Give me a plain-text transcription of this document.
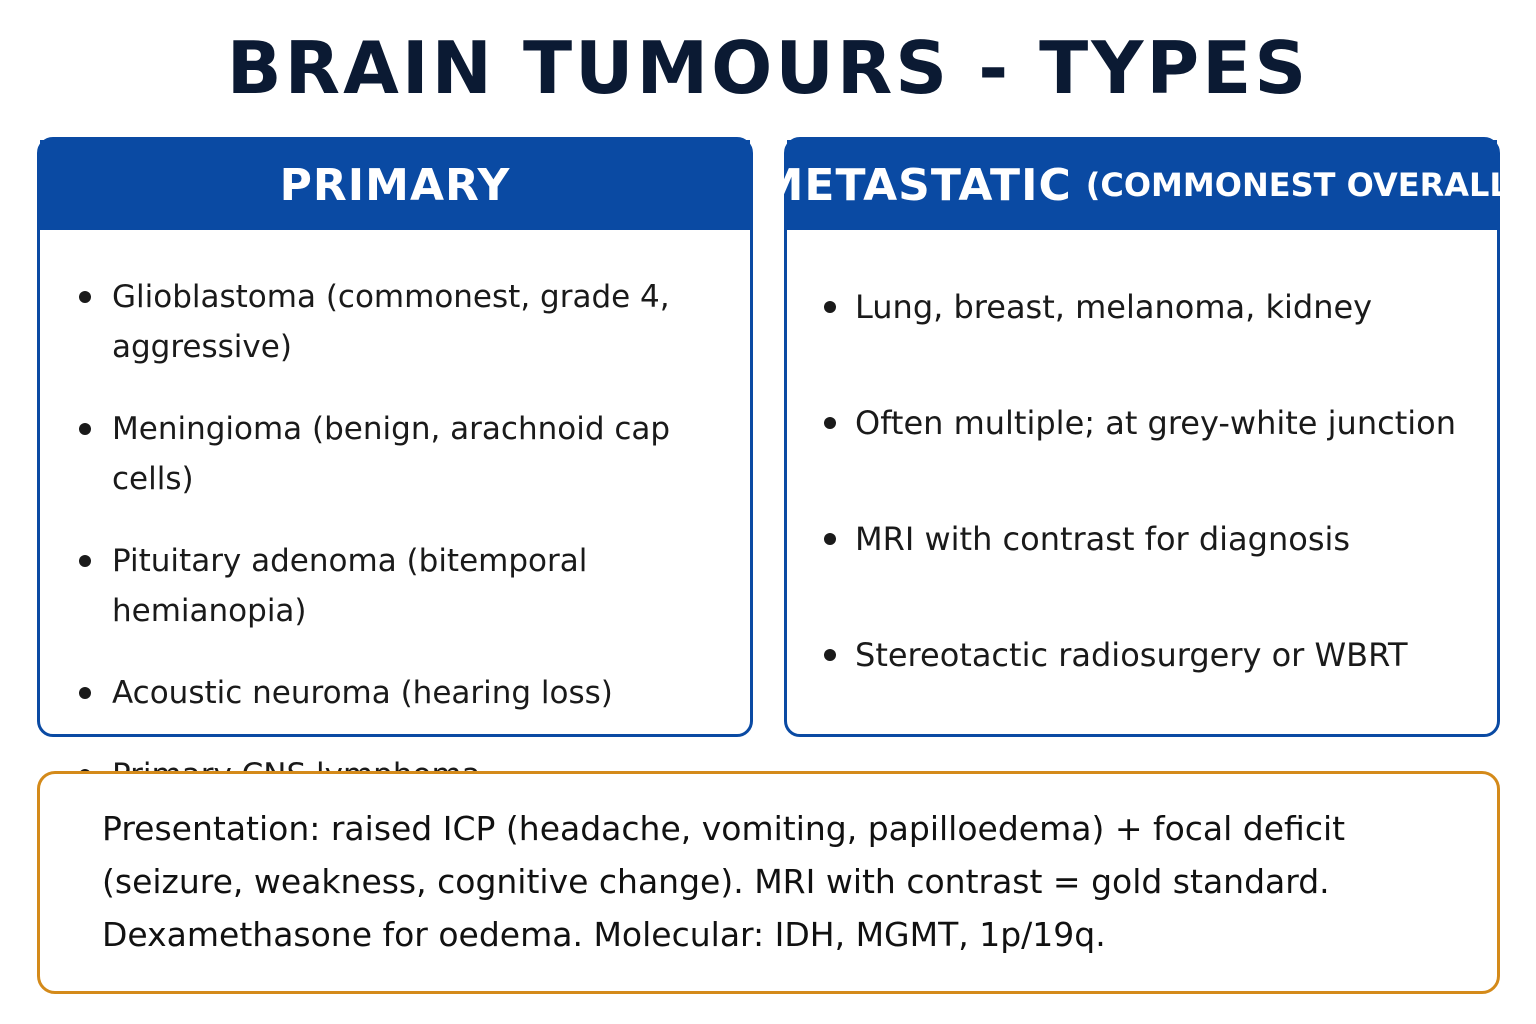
BRAIN TUMOURS - TYPES
PRIMARY
Glioblastoma (commonest, grade 4, aggressive)
Meningioma (benign, arachnoid cap cells)
Pituitary adenoma (bitemporal hemianopia)
Acoustic neuroma (hearing loss)
METASTATIC (COMMONEST OVERALL)
Lung, breast, melanoma, kidney
Often multiple; at grey-white junction
MRI with contrast for diagnosis
Stereotactic radiosurgery or WBRT

Presentation: raised ICP (headache, vomiting, papilloedema) + focal deficit (seizure, weakness, cognitive change). MRI with contrast = gold standard. Dexamethasone for oedema. Molecular: IDH, MGMT, 1p/19q.
